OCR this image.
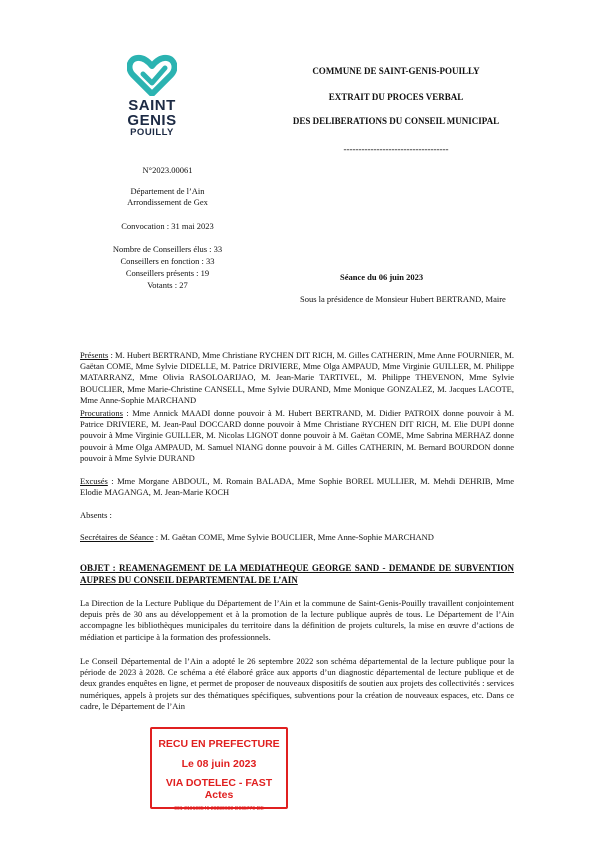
SAINT
GENIS
POUILLY
COMMUNE DE SAINT-GENIS-POUILLY
EXTRAIT DU PROCES VERBAL
DES DELIBERATIONS DU CONSEIL MUNICIPAL
-----------------------------------
N°2023.00061
Département de l’Ain
Arrondissement de Gex
Convocation : 31 mai 2023
Nombre de Conseillers élus : 33
Conseillers en fonction : 33
Conseillers présents : 19
Votants : 27
Séance du 06 juin 2023
Sous la présidence de Monsieur Hubert BERTRAND, Maire
Présents : M. Hubert BERTRAND, Mme Christiane RYCHEN DIT RICH, M. Gilles CATHERIN, Mme Anne FOURNIER, M. Gaëtan COME, Mme Sylvie DIDELLE, M. Patrice DRIVIERE, Mme Olga AMPAUD, Mme Virginie GUILLER, M. Philippe MATARRANZ, Mme Olivia RASOLOARIJAO, M. Jean-Marie TARTIVEL, M. Philippe THEVENON, Mme Sylvie BOUCLIER, Mme Marie-Christine CANSELL, Mme Sylvie DURAND, Mme Monique GONZALEZ, M. Jacques LACOTE, Mme Anne-Sophie MARCHAND
Procurations : Mme Annick MAADI donne pouvoir à M. Hubert BERTRAND, M. Didier PATROIX donne pouvoir à M. Patrice DRIVIERE, M. Jean-Paul DOCCARD donne pouvoir à Mme Christiane RYCHEN DIT RICH, M. Elie DUPI donne pouvoir à Mme Virginie GUILLER, M. Nicolas LIGNOT donne pouvoir à M. Gaëtan COME, Mme Sabrina MERHAZ donne pouvoir à Mme Olga AMPAUD, M. Samuel NIANG donne pouvoir à M. Gilles CATHERIN, M. Bernard BOURDON donne pouvoir à Mme Sylvie DURAND
Excusés : Mme Morgane ABDOUL, M. Romain BALADA, Mme Sophie BOREL MULLIER, M. Mehdi DEHRIB, Mme Elodie MAGANGA, M. Jean-Marie KOCH
Absents :
Secrétaires de Séance : M. Gaëtan COME, Mme Sylvie BOUCLIER, Mme Anne-Sophie MARCHAND
OBJET : REAMENAGEMENT DE LA MEDIATHEQUE GEORGE SAND - DEMANDE DE SUBVENTION AUPRES DU CONSEIL DEPARTEMENTAL DE L’AIN
La Direction de la Lecture Publique du Département de l’Ain et la commune de Saint-Genis-Pouilly travaillent conjointement depuis près de 30 ans au développement et à la promotion de la lecture publique auprès de tous. Le Département de l’Ain accompagne les bibliothèques municipales du territoire dans la définition de projets culturels, la mise en œuvre d’actions de médiation et participe à la formation des professionnels.
Le Conseil Départemental de l’Ain a adopté le 26 septembre 2022 son schéma départemental de la lecture publique pour la période de 2023 à 2028. Ce schéma a été élaboré grâce aux apports d’un diagnostic départemental de lecture publique et de deux grandes enquêtes en ligne, et permet de proposer de nouveaux dispositifs de soutien aux projets des collectivités : services numériques, appels à projets sur des thématiques spécifiques, subventions pour la création de nouveaux espaces, etc. Dans ce cadre, le Département de l’Ain
RECU EN PREFECTURE
Le 08 juin 2023
VIA DOTELEC - FAST Actes
001-210100546-20230608-D065770-DE
